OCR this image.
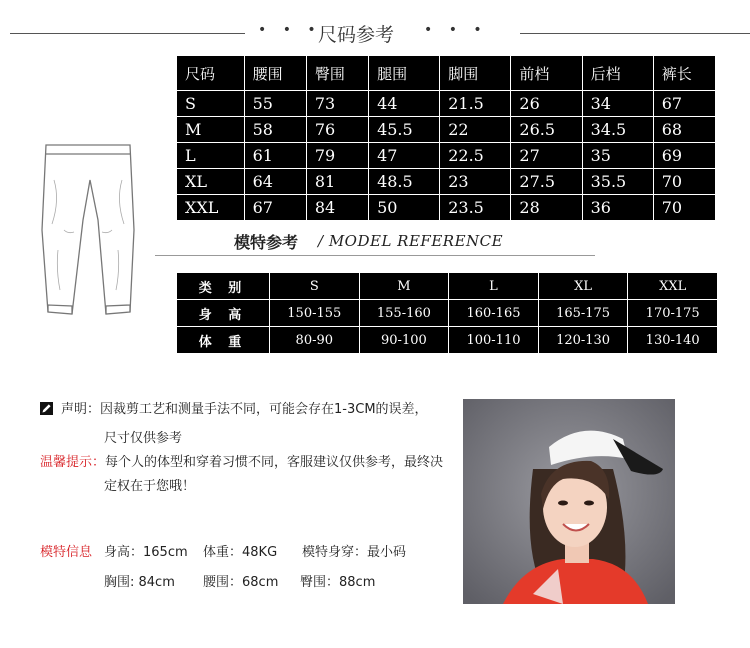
• • •
尺码参考 • • •
尺码	腰围	臀围	腿围	脚围	前档	后档	裤长
S	55	73	44	21.5	26	34	67
M	58	76	45.5	22	26.5	34.5	68
L	61	79	47	22.5	27	35	69
XL	64	81	48.5	23	27.5	35.5	70
XXL	67	84	50	23.5	28	36	70
模特参考 / MODEL REFERENCE
类 别	S	M	L	XL	XXL
身 高	150-155	155-160	160-165	165-175	170-175
体 重	80-90	90-100	100-110	120-130	130-140
声明：因裁剪工艺和测量手法不同，可能会存在1-3CM的误差，
尺寸仅供参考
温馨提示：每个人的体型和穿着习惯不同，客服建议仅供参考，最终决
定权在于您哦！
模特信息 身高：165cm 体重：48KG 模特身穿：最小码
胸围: 84cm 腰围：68cm 臀围：88cm
